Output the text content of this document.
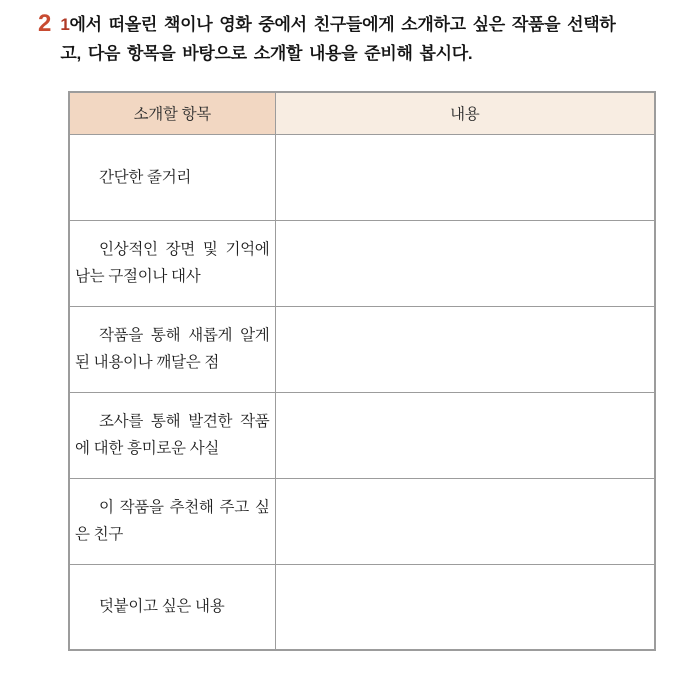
2 1에서 떠올린 책이나 영화 중에서 친구들에게 소개하고 싶은 작품을 선택하
고, 다음 항목을 바탕으로 소개할 내용을 준비해 봅시다.

소개할 항목	내용

간단한 줄거리	

인상적인 장면 및 기억에 남는 구절이나 대사	

작품을 통해 새롭게 알게 된 내용이나 깨달은 점	

조사를 통해 발견한 작품에 대한 흥미로운 사실	

이 작품을 추천해 주고 싶은 친구	

덧붙이고 싶은 내용	
